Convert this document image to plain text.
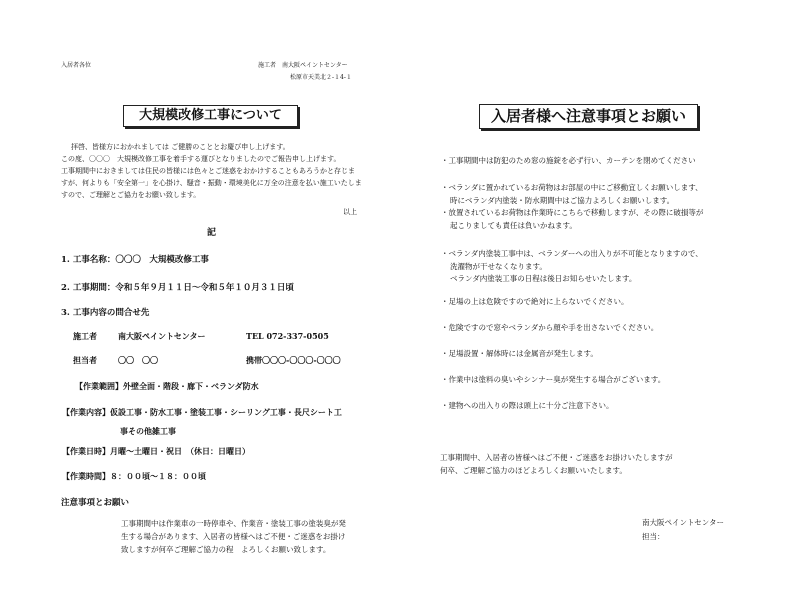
入居者各位	施工者　南大阪ペイントセンター
松原市天美北２-１4-１
大規模改修工事について
拝啓、皆様方におかれましては ご健勝のこととお慶び申し上げます。
この度、〇〇〇　大規模改修工事を着手する運びとなりましたのでご報告申し上げます。
工事期間中におきましては住民の皆様には色々とご迷惑をおかけすることもあろうかと存じま
すが、何よりも「安全第一」を心掛け、騒音・振動・環境美化に万全の注意を払い施工いたしま
すので、ご理解とご協力をお願い致します。
以上
記
1. 工事名称：〇〇〇　大規模改修工事
2. 工事期間：令和５年９月１１日～令和５年１０月３１日頃
3. 工事内容の問合せ先
施工者	南大阪ペイントセンター	TEL 072-337-0505
担当者	〇〇　〇〇	携帯〇〇〇-〇〇〇-〇〇〇
【作業範囲】外壁全面・階段・廊下・ベランダ防水
【作業内容】仮設工事・防水工事・塗装工事・シーリング工事・長尺シート工
事その他雑工事
【作業日時】月曜～土曜日・祝日　（休日：日曜日）
【作業時間】８：００頃～１８：００頃
注意事項とお願い
工事期間中は作業車の一時停車や、作業音・塗装工事の塗装臭が発
生する場合があります、入居者の皆様へはご不便・ご迷惑をお掛け
致しますが何卒ご理解ご協力の程　よろしくお願い致します。
入居者様へ注意事項とお願い
・工事期間中は防犯のため窓の施錠を必ず行い、カーテンを閉めてください
・ベランダに置かれているお荷物はお部屋の中にご移動宜しくお願いします、
時にベランダ内塗装・防水期間中はご協力よろしくお願いします。
・放置されているお荷物は作業時にこちらで移動しますが、その際に破損等が
起こりましても責任は負いかねます。
・ベランダ内塗装工事中は、ベランダーへの出入りが不可能となりますので、
洗濯物が干せなくなります。
ベランダ内塗装工事の日程は後日お知らせいたします。
・足場の上は危険ですので絶対に上らないでください。
・危険ですので窓やベランダから顔や手を出さないでください。
・足場設置・解体時には金属音が発生します。
・作業中は塗料の臭いやシンナー臭が発生する場合がございます。
・建物への出入りの際は頭上に十分ご注意下さい。
工事期間中、入居者の皆様へはご不便・ご迷惑をお掛けいたしますが
何卒、ご理解ご協力のほどよろしくお願いいたします。
南大阪ペイントセンター
担当：
